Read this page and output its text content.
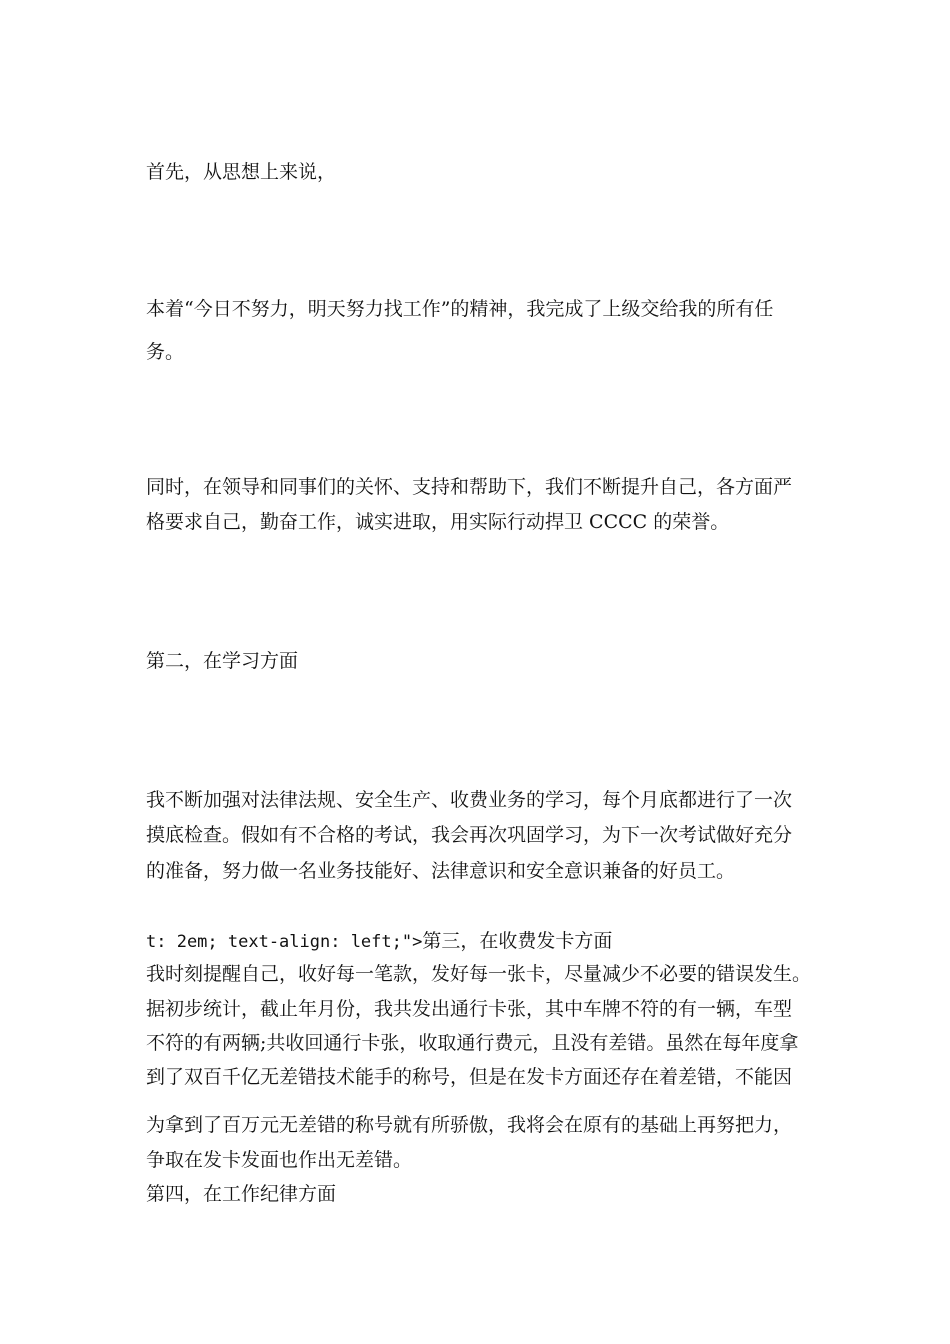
首先，从思想上来说，
本着“今日不努力，明天努力找工作”的精神，我完成了上级交给我的所有任
务。
同时，在领导和同事们的关怀、支持和帮助下，我们不断提升自己，各方面严
格要求自己，勤奋工作，诚实进取，用实际行动捍卫 CCCC 的荣誉。
第二，在学习方面
我不断加强对法律法规、安全生产、收费业务的学习，每个月底都进行了一次
摸底检查。假如有不合格的考试，我会再次巩固学习，为下一次考试做好充分
的准备，努力做一名业务技能好、法律意识和安全意识兼备的好员工。
t: 2em; text-align: left;">第三，在收费发卡方面
我时刻提醒自己，收好每一笔款，发好每一张卡，尽量减少不必要的错误发生。
据初步统计，截止年月份，我共发出通行卡张，其中车牌不符的有一辆，车型
不符的有两辆;共收回通行卡张，收取通行费元，且没有差错。虽然在每年度拿
到了双百千亿无差错技术能手的称号，但是在发卡方面还存在着差错，不能因
为拿到了百万元无差错的称号就有所骄傲，我将会在原有的基础上再努把力，
争取在发卡发面也作出无差错。
第四，在工作纪律方面
